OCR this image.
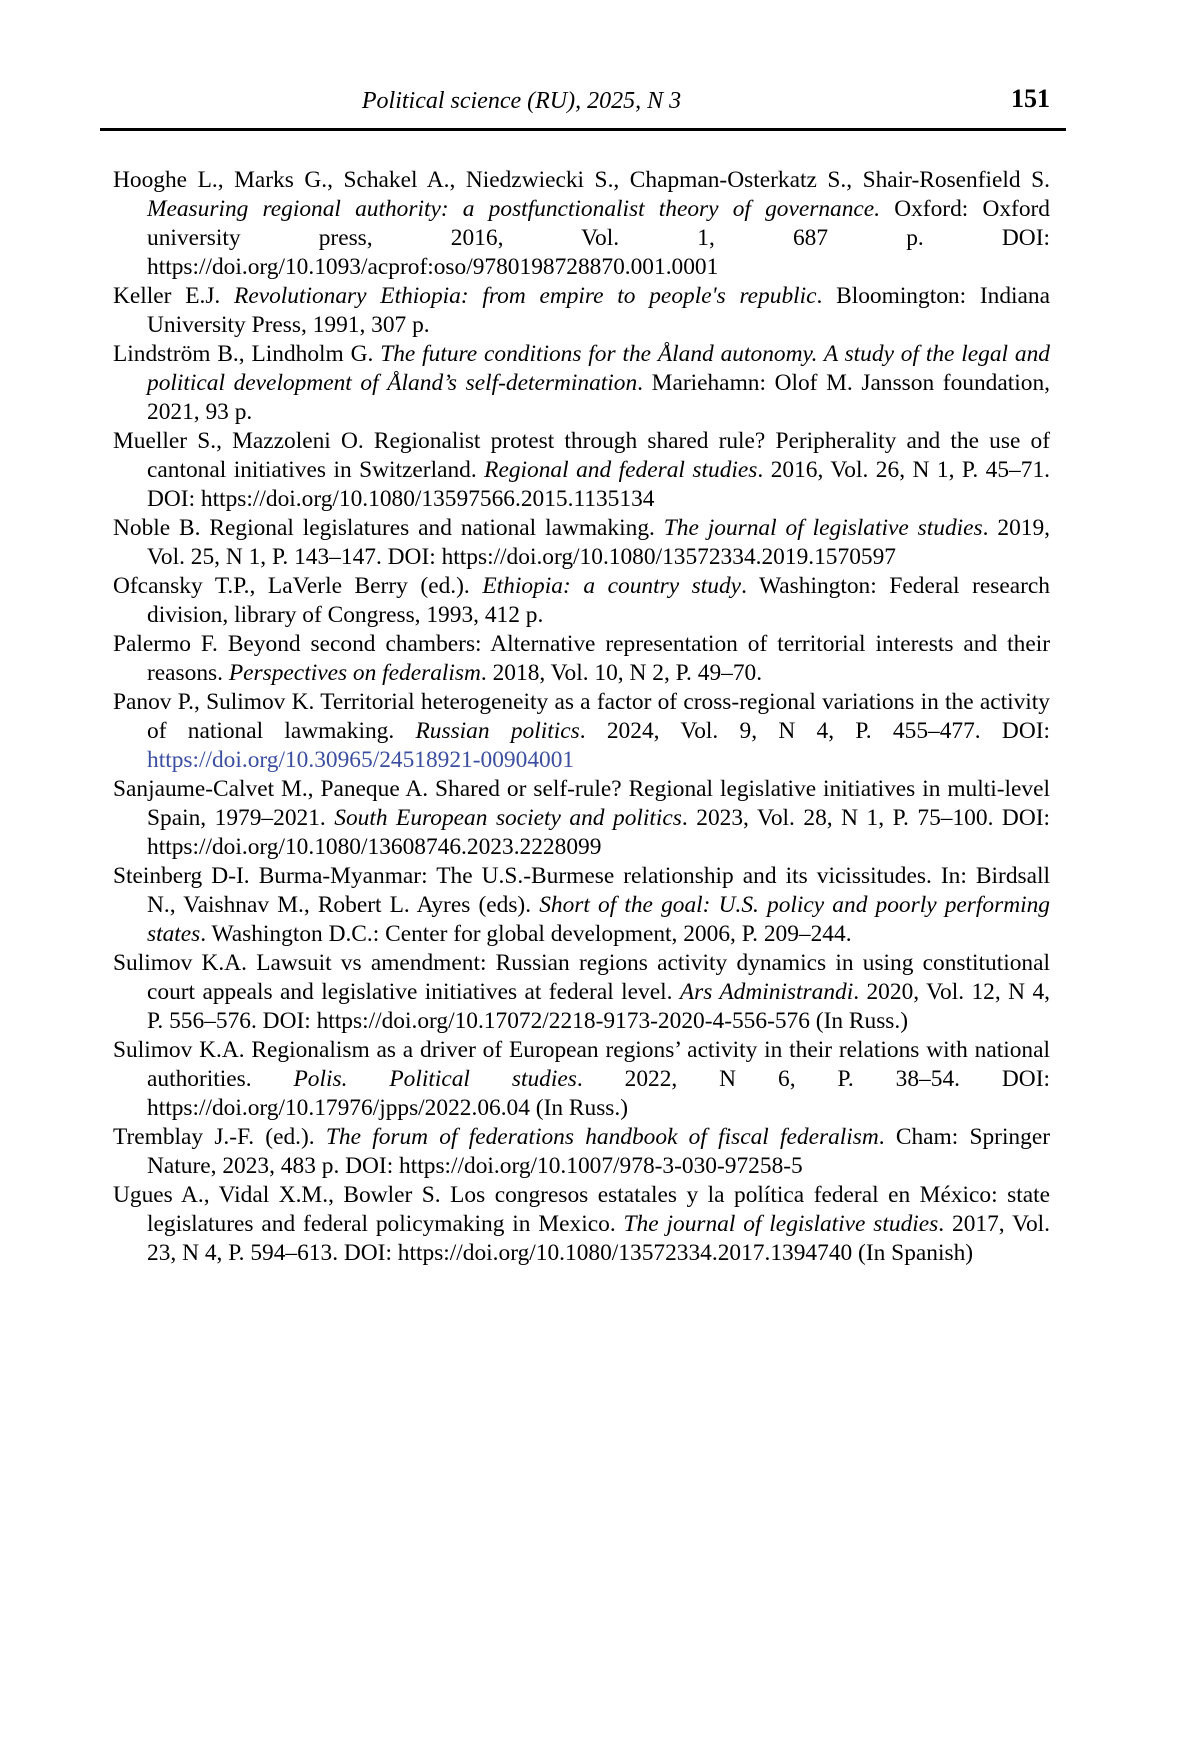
Political science (RU), 2025, N 3	151

Hooghe L., Marks G., Schakel A., Niedzwiecki S., Chapman-Osterkatz S., Shair-Rosenfield S. Measuring regional authority: a postfunctionalist theory of governance. Oxford: Oxford university press, 2016, Vol. 1, 687 p. DOI: https://doi.org/10.1093/acprof:oso/9780198728870.001.0001

Keller E.J. Revolutionary Ethiopia: from empire to people's republic. Bloomington: Indiana University Press, 1991, 307 p.

Lindström B., Lindholm G. The future conditions for the Åland autonomy. A study of the legal and political development of Åland’s self-determination. Mariehamn: Olof M. Jansson foundation, 2021, 93 p.

Mueller S., Mazzoleni O. Regionalist protest through shared rule? Peripherality and the use of cantonal initiatives in Switzerland. Regional and federal studies. 2016, Vol. 26, N 1, P. 45–71. DOI: https://doi.org/10.1080/13597566.2015.1135134

Noble B. Regional legislatures and national lawmaking. The journal of legislative studies. 2019, Vol. 25, N 1, P. 143–147. DOI: https://doi.org/10.1080/13572334.2019.1570597

Ofcansky T.P., LaVerle Berry (ed.). Ethiopia: a country study. Washington: Federal research division, library of Congress, 1993, 412 p.

Palermo F. Beyond second chambers: Alternative representation of territorial interests and their reasons. Perspectives on federalism. 2018, Vol. 10, N 2, P. 49–70.

Panov P., Sulimov K. Territorial heterogeneity as a factor of cross-regional variations in the activity of national lawmaking. Russian politics. 2024, Vol. 9, N 4, P. 455–477. DOI: https://doi.org/10.30965/24518921-00904001

Sanjaume-Calvet M., Paneque A. Shared or self-rule? Regional legislative initiatives in multi-level Spain, 1979–2021. South European society and politics. 2023, Vol. 28, N 1, P. 75–100. DOI: https://doi.org/10.1080/13608746.2023.2228099

Steinberg D-I. Burma-Myanmar: The U.S.-Burmese relationship and its vicissitudes. In: Birdsall N., Vaishnav M., Robert L. Ayres (eds). Short of the goal: U.S. policy and poorly performing states. Washington D.C.: Center for global development, 2006, P. 209–244.

Sulimov K.A. Lawsuit vs amendment: Russian regions activity dynamics in using constitutional court appeals and legislative initiatives at federal level. Ars Administrandi. 2020, Vol. 12, N 4, P. 556–576. DOI: https://doi.org/10.17072/2218-9173-2020-4-556-576 (In Russ.)

Sulimov K.A. Regionalism as a driver of European regions’ activity in their relations with national authorities. Polis. Political studies. 2022, N 6, P. 38–54. DOI: https://doi.org/10.17976/jpps/2022.06.04 (In Russ.)

Tremblay J.-F. (ed.). The forum of federations handbook of fiscal federalism. Cham: Springer Nature, 2023, 483 p. DOI: https://doi.org/10.1007/978-3-030-97258-5

Ugues A., Vidal X.M., Bowler S. Los congresos estatales y la política federal en México: state legislatures and federal policymaking in Mexico. The journal of legislative studies. 2017, Vol. 23, N 4, P. 594–613. DOI: https://doi.org/10.1080/13572334.2017.1394740 (In Spanish)
